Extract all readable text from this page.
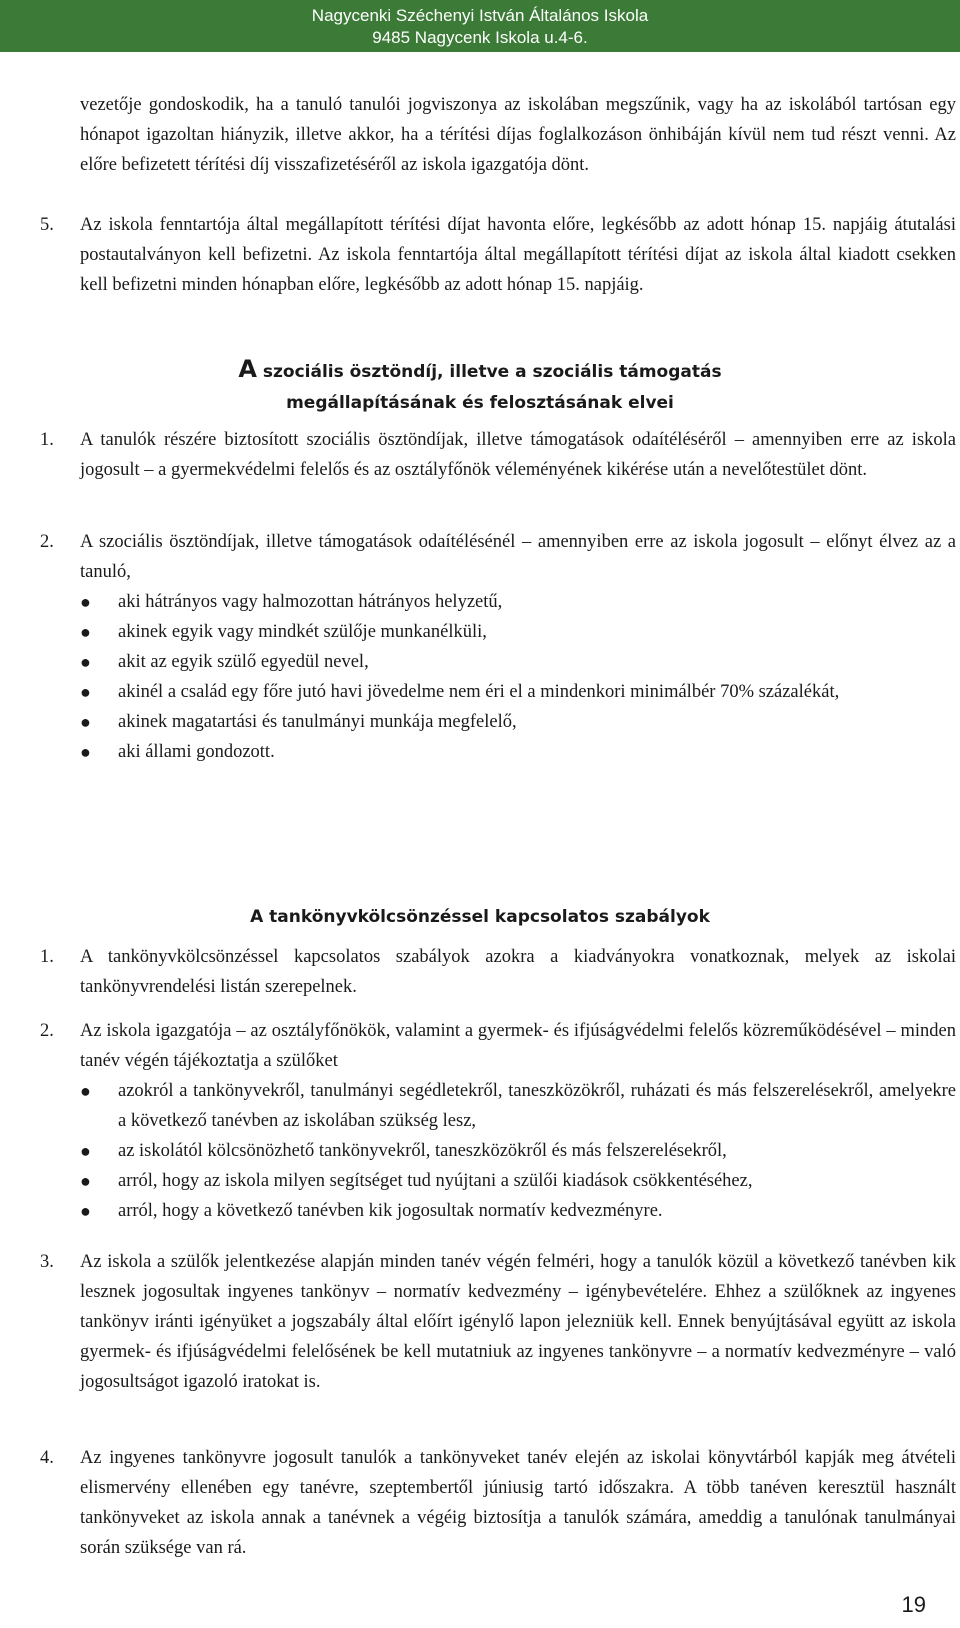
Nagycenki Széchenyi István Általános Iskola
9485 Nagycenk Iskola u.4-6.
vezetője gondoskodik, ha a tanuló tanulói jogviszonya az iskolában megszűnik, vagy ha az iskolából tartósan egy hónapot igazoltan hiányzik, illetve akkor, ha a térítési díjas foglalkozáson önhibáján kívül nem tud részt venni. Az előre befizetett térítési díj visszafizetéséről az iskola igazgatója dönt.
5. Az iskola fenntartója által megállapított térítési díjat havonta előre, legkésőbb az adott hónap 15. napjáig átutalási postautalványon kell befizetni. Az iskola fenntartója által megállapított térítési díjat az iskola által kiadott csekken kell befizetni minden hónapban előre, legkésőbb az adott hónap 15. napjáig.
A szociális ösztöndíj, illetve a szociális támogatás
megállapításának és felosztásának elvei
1. A tanulók részére biztosított szociális ösztöndíjak, illetve támogatások odaítéléséről – amennyiben erre az iskola jogosult – a gyermekvédelmi felelős és az osztályfőnök véleményének kikérése után a nevelőtestület dönt.
2. A szociális ösztöndíjak, illetve támogatások odaítélésénél – amennyiben erre az iskola jogosult – előnyt élvez az a tanuló,
● aki hátrányos vagy halmozottan hátrányos helyzetű,
● akinek egyik vagy mindkét szülője munkanélküli,
● akit az egyik szülő egyedül nevel,
● akinél a család egy főre jutó havi jövedelme nem éri el a mindenkori minimálbér 70% százalékát,
● akinek magatartási és tanulmányi munkája megfelelő,
● aki állami gondozott.
A tankönyvkölcsönzéssel kapcsolatos szabályok
1. A tankönyvkölcsönzéssel kapcsolatos szabályok azokra a kiadványokra vonatkoznak, melyek az iskolai tankönyvrendelési listán szerepelnek.
2. Az iskola igazgatója – az osztályfőnökök, valamint a gyermek- és ifjúságvédelmi felelős közreműködésével – minden tanév végén tájékoztatja a szülőket
● azokról a tankönyvekről, tanulmányi segédletekről, taneszközökről, ruházati és más felszerelésekről, amelyekre a következő tanévben az iskolában szükség lesz,
● az iskolától kölcsönözhető tankönyvekről, taneszközökről és más felszerelésekről,
● arról, hogy az iskola milyen segítséget tud nyújtani a szülői kiadások csökkentéséhez,
● arról, hogy a következő tanévben kik jogosultak normatív kedvezményre.
3. Az iskola a szülők jelentkezése alapján minden tanév végén felméri, hogy a tanulók közül a következő tanévben kik lesznek jogosultak ingyenes tankönyv – normatív kedvezmény – igénybevételére. Ehhez a szülőknek az ingyenes tankönyv iránti igényüket a jogszabály által előírt igénylő lapon jelezniük kell. Ennek benyújtásával együtt az iskola gyermek- és ifjúságvédelmi felelősének be kell mutatniuk az ingyenes tankönyvre – a normatív kedvezményre – való jogosultságot igazoló iratokat is.
4. Az ingyenes tankönyvre jogosult tanulók a tankönyveket tanév elején az iskolai könyvtárból kapják meg átvételi elismervény ellenében egy tanévre, szeptembertől júniusig tartó időszakra. A több tanéven keresztül használt tankönyveket az iskola annak a tanévnek a végéig biztosítja a tanulók számára, ameddig a tanulónak tanulmányai során szüksége van rá.
19
